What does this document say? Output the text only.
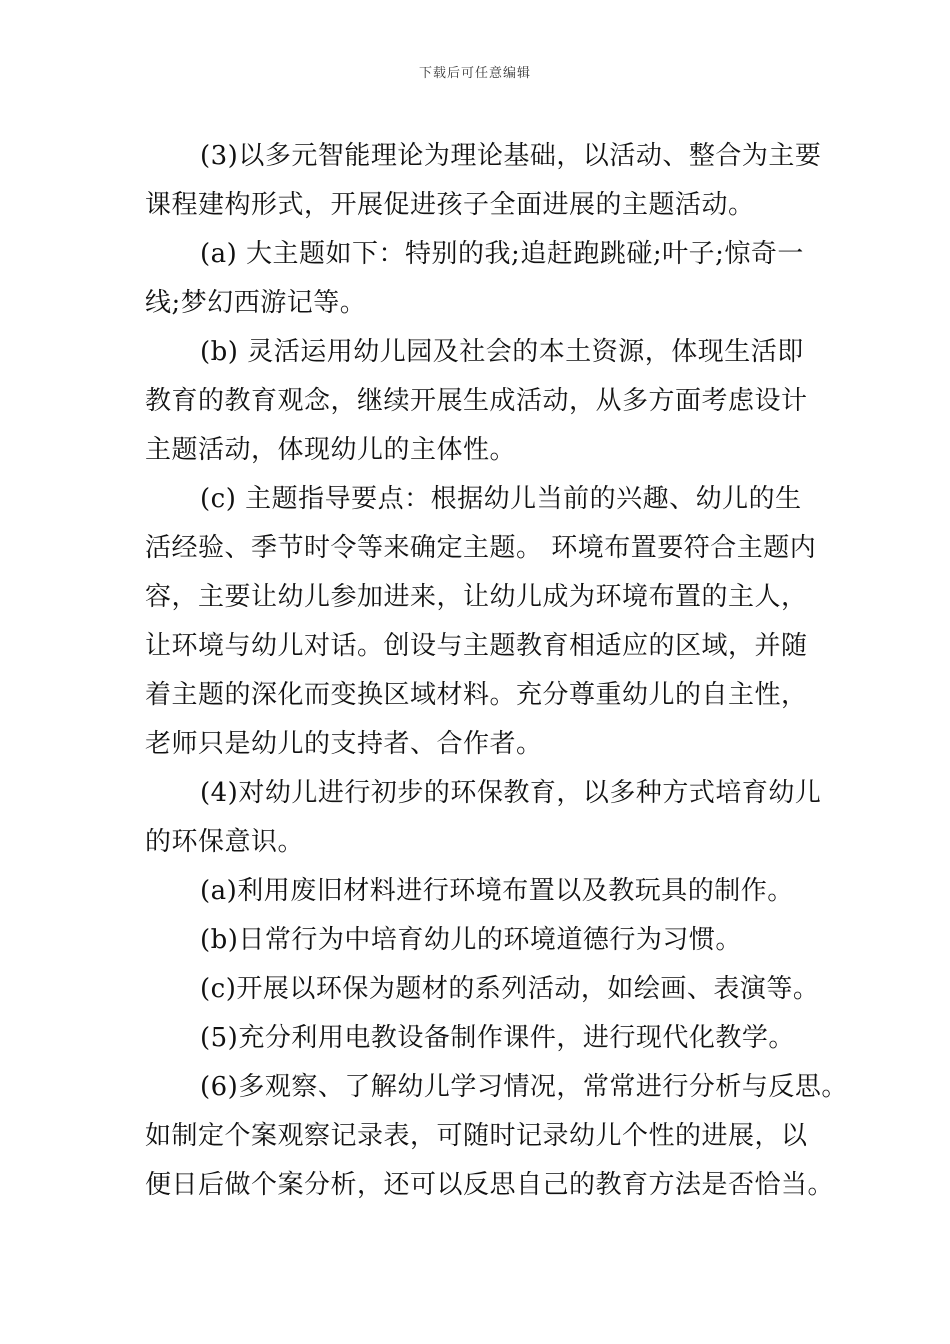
下载后可任意编辑
(3)以多元智能理论为理论基础，以活动、整合为主要
课程建构形式，开展促进孩子全面进展的主题活动。
(a) 大主题如下：特别的我;追赶跑跳碰;叶子;惊奇一
线;梦幻西游记等。
(b) 灵活运用幼儿园及社会的本土资源，体现生活即
教育的教育观念，继续开展生成活动，从多方面考虑设计
主题活动，体现幼儿的主体性。
(c) 主题指导要点：根据幼儿当前的兴趣、幼儿的生
活经验、季节时令等来确定主题。 环境布置要符合主题内
容，主要让幼儿参加进来，让幼儿成为环境布置的主人，
让环境与幼儿对话。创设与主题教育相适应的区域，并随
着主题的深化而变换区域材料。充分尊重幼儿的自主性，
老师只是幼儿的支持者、合作者。
(4)对幼儿进行初步的环保教育，以多种方式培育幼儿
的环保意识。
(a)利用废旧材料进行环境布置以及教玩具的制作。
(b)日常行为中培育幼儿的环境道德行为习惯。
(c)开展以环保为题材的系列活动，如绘画、表演等。
(5)充分利用电教设备制作课件，进行现代化教学。
(6)多观察、了解幼儿学习情况，常常进行分析与反思。
如制定个案观察记录表，可随时记录幼儿个性的进展，以
便日后做个案分析，还可以反思自己的教育方法是否恰当。
